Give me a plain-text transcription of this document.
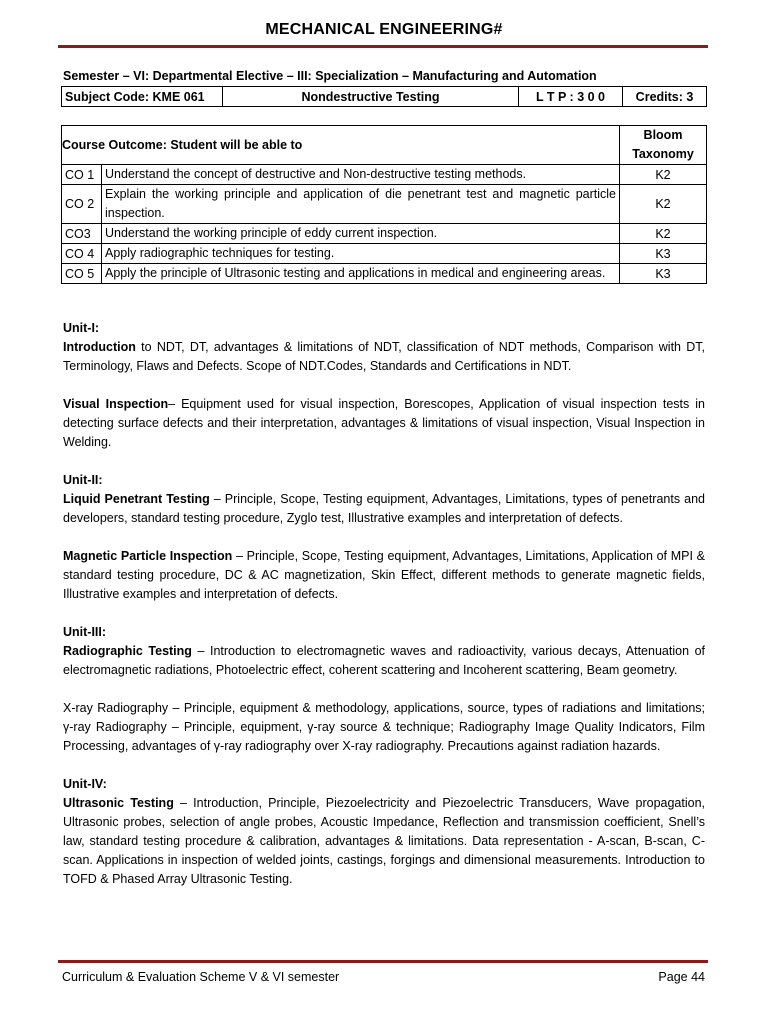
MECHANICAL ENGINEERING#
Semester – VI: Departmental Elective – III: Specialization – Manufacturing and Automation
Subject Code: KME 061	Nondestructive Testing	L T P : 3 0 0	Credits: 3
Course Outcome: Student will be able to		Bloom
Taxonomy

CO 1	Understand the concept of destructive and Non-destructive testing methods.	K2
CO 2	Explain the working principle and application of die penetrant test and magnetic particle inspection.	K2
CO3	Understand the working principle of eddy current inspection.	K2
CO 4	Apply radiographic techniques for testing.	K3
CO 5	Apply the principle of Ultrasonic testing and applications in medical and engineering areas.	K3

Unit-I:

Introduction to NDT, DT, advantages & limitations of NDT, classification of NDT methods, Comparison with DT, Terminology, Flaws and Defects. Scope of NDT.Codes, Standards and Certifications in NDT.

Visual Inspection– Equipment used for visual inspection, Borescopes, Application of visual inspection tests in detecting surface defects and their interpretation, advantages & limitations of visual inspection, Visual Inspection in Welding.

Unit-II:

Liquid Penetrant Testing – Principle, Scope, Testing equipment, Advantages, Limitations, types of penetrants and developers, standard testing procedure, Zyglo test, Illustrative examples and interpretation of defects.

Magnetic Particle Inspection – Principle, Scope, Testing equipment, Advantages, Limitations, Application of MPI & standard testing procedure, DC & AC magnetization, Skin Effect, different methods to generate magnetic fields, Illustrative examples and interpretation of defects.

Unit-III:

Radiographic Testing – Introduction to electromagnetic waves and radioactivity, various decays, Attenuation of electromagnetic radiations, Photoelectric effect, coherent scattering and Incoherent scattering, Beam geometry.

X-ray Radiography – Principle, equipment & methodology, applications, source, types of radiations and limitations; γ-ray Radiography – Principle, equipment, γ-ray source & technique; Radiography Image Quality Indicators, Film Processing, advantages of γ-ray radiography over X-ray radiography. Precautions against radiation hazards.

Unit-IV:

Ultrasonic Testing – Introduction, Principle, Piezoelectricity and Piezoelectric Transducers, Wave propagation, Ultrasonic probes, selection of angle probes, Acoustic Impedance, Reflection and transmission coefficient, Snell’s law, standard testing procedure & calibration, advantages & limitations. Data representation - A-scan, B-scan, C-scan. Applications in inspection of welded joints, castings, forgings and dimensional measurements. Introduction to TOFD & Phased Array Ultrasonic Testing.

Curriculum & Evaluation Scheme V & VI semester	Page 44
